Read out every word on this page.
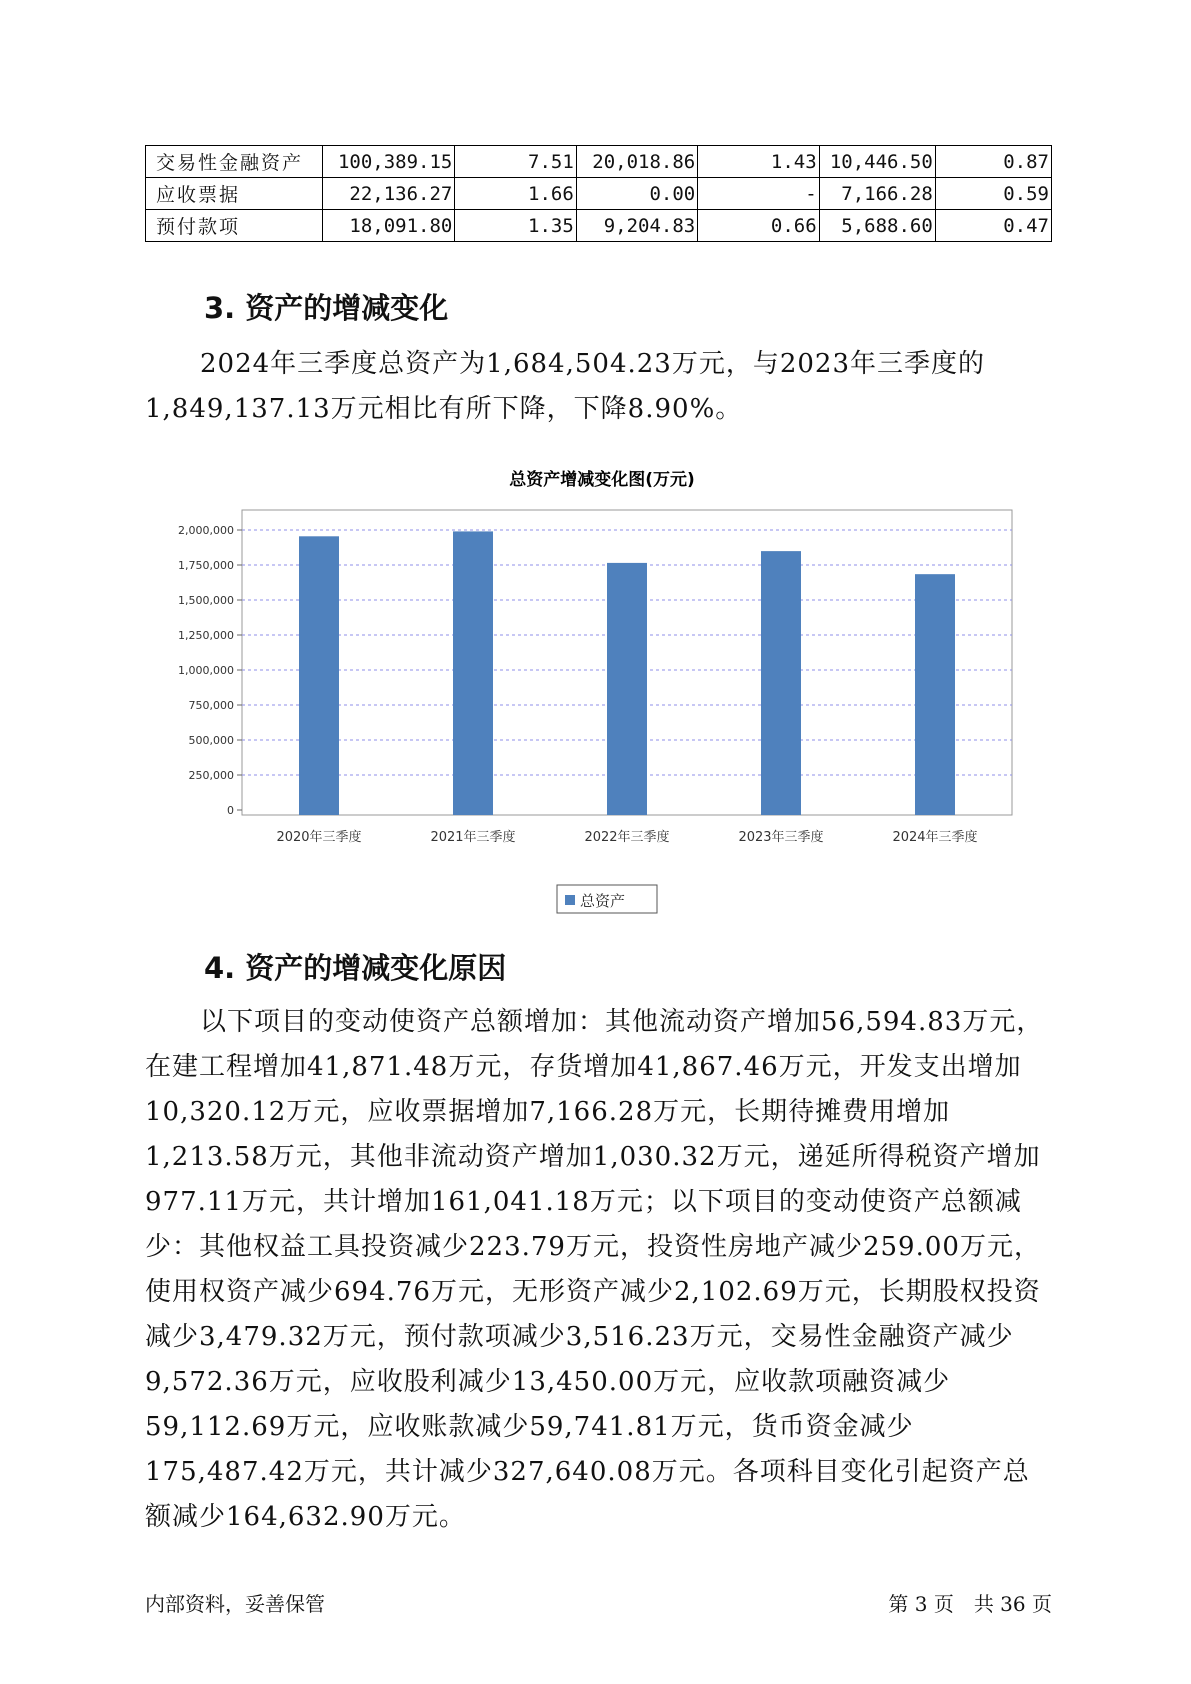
交易性金融资产	100,389.15	7.51	20,018.86	1.43	10,446.50	0.87
应收票据	22,136.27	1.66	0.00	-	7,166.28	0.59
预付款项	18,091.80	1.35	9,204.83	0.66	5,688.60	0.47
3. 资产的增减变化

2024年三季度总资产为1,684,504.23万元，与2023年三季度的1,849,137.13万元相比有所下降，下降8.90%。

总资产增减变化图(万元)
0
250,000
500,000
750,000
1,000,000
1,250,000
1,500,000
1,750,000
2,000,000
2020年三季度	2021年三季度	2022年三季度	2023年三季度	2024年三季度
总资产
4. 资产的增减变化原因

以下项目的变动使资产总额增加：其他流动资产增加56,594.83万元，在建工程增加41,871.48万元，存货增加41,867.46万元，开发支出增加10,320.12万元，应收票据增加7,166.28万元，长期待摊费用增加1,213.58万元，其他非流动资产增加1,030.32万元，递延所得税资产增加977.11万元，共计增加161,041.18万元；以下项目的变动使资产总额减少：其他权益工具投资减少223.79万元，投资性房地产减少259.00万元，使用权资产减少694.76万元，无形资产减少2,102.69万元，长期股权投资减少3,479.32万元，预付款项减少3,516.23万元，交易性金融资产减少9,572.36万元，应收股利减少13,450.00万元，应收款项融资减少59,112.69万元，应收账款减少59,741.81万元，货币资金减少175,487.42万元，共计减少327,640.08万元。各项科目变化引起资产总额减少164,632.90万元。

内部资料，妥善保管	第 3 页　共 36 页
